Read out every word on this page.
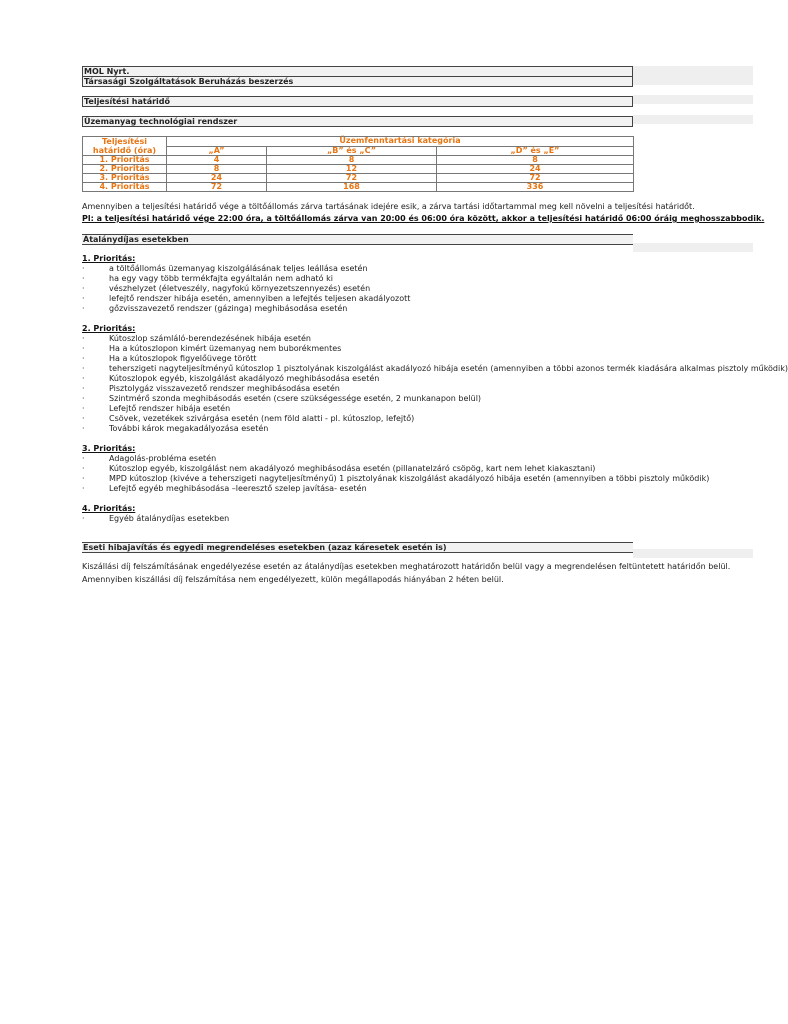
MOL Nyrt.
Társasági Szolgáltatások Beruházás beszerzés
Teljesítési határidő
Üzemanyag technológiai rendszer
Teljesítési határidő (óra)	Üzemfenntartási kategória		
	„A”	„B” és „C”	„D” és „E”
1. Prioritás	4	8	8
2. Prioritás	8	12	24
3. Prioritás	24	72	72
4. Prioritás	72	168	336
Amennyiben a teljesítési határidő vége a töltőállomás zárva tartásának idejére esik, a zárva tartási időtartammal meg kell növelni a teljesítési határidőt.
Pl: a teljesítési határidő vége 22:00 óra, a töltőállomás zárva van 20:00 és 06:00 óra között, akkor a teljesítési határidő 06:00 óráig meghosszabbodik.
Átalánydíjas esetekben
1. Prioritás:
·	a töltőállomás üzemanyag kiszolgálásának teljes leállása esetén
·	ha egy vagy több termékfajta egyáltalán nem adható ki
·	vészhelyzet (életveszély, nagyfokú környezetszennyezés) esetén
·	lefejtő rendszer hibája esetén, amennyiben a lefejtés teljesen akadályozott
·	gőzvisszavezető rendszer (gázinga) meghibásodása esetén
2. Prioritás:
·	Kútoszlop számláló-berendezésének hibája esetén
·	Ha a kútoszlopon kimért üzemanyag nem buborékmentes
·	Ha a kútoszlopok figyelőüvege törött
·	teherszigeti nagyteljesítményű kútoszlop 1 pisztolyának kiszolgálást akadályozó hibája esetén (amennyiben a többi azonos termék kiadására alkalmas pisztoly működik)
·	Kútoszlopok egyéb, kiszolgálást akadályozó meghibásodása esetén
·	Pisztolygáz visszavezető rendszer meghibásodása esetén
·	Szintmérő szonda meghibásodás esetén (csere szükségessége esetén, 2 munkanapon belül)
·	Lefejtő rendszer hibája esetén
·	Csövek, vezetékek szivárgása esetén (nem föld alatti - pl. kútoszlop, lefejtő)
·	További károk megakadályozása esetén
3. Prioritás:
·	Adagolás-probléma esetén
·	Kútoszlop egyéb, kiszolgálást nem akadályozó meghibásodása esetén (pillanatelzáró csöpög, kart nem lehet kiakasztani)
·	MPD kútoszlop (kivéve a teherszigeti nagyteljesítményű) 1 pisztolyának kiszolgálást akadályozó hibája esetén (amennyiben a többi pisztoly működik)
·	Lefejtő egyéb meghibásodása –leeresztő szelep javítása- esetén
4. Prioritás:
·	Egyéb átalánydíjas esetekben
Eseti hibajavítás és egyedi megrendeléses esetekben (azaz káresetek esetén is)
Kiszállási díj felszámításának engedélyezése esetén az átalánydíjas esetekben meghatározott határidőn belül vagy a megrendelésen feltüntetett határidőn belül.
Amennyiben kiszállási díj felszámítása nem engedélyezett, külön megállapodás hiányában 2 héten belül.
